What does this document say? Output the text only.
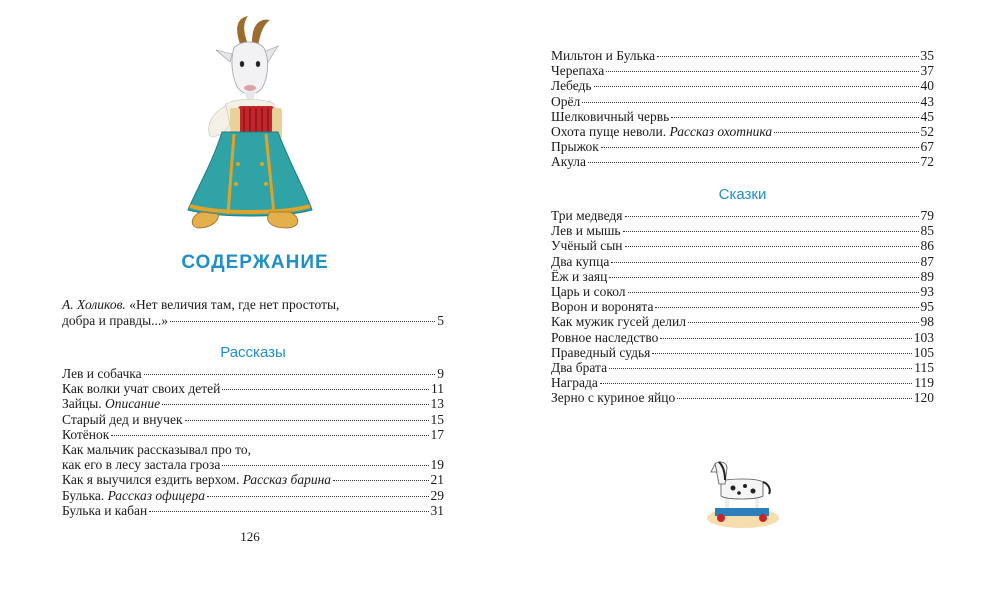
СОДЕРЖАНИЕ
А. Холиков. «Нет величия там, где нет простоты,
добра и правды...»	5
Рассказы
Лев и собачка	9
Как волки учат своих детей	11
Зайцы. Описание	13
Старый дед и внучек	15
Котёнок	17
Как мальчик рассказывал про то,
как его в лесу застала гроза	19
Как я выучился ездить верхом. Рассказ барина	21
Булька. Рассказ офицера	29
Булька и кабан	31
126
Мильтон и Булька	35
Черепаха	37
Лебедь	40
Орёл	43
Шелковичный червь	45
Охота пуще неволи. Рассказ охотника	52
Прыжок	67
Акула	72
Сказки
Три медведя	79
Лев и мышь	85
Учёный сын	86
Два купца	87
Ёж и заяц	89
Царь и сокол	93
Ворон и воронята	95
Как мужик гусей делил	98
Ровное наследство	103
Праведный судья	105
Два брата	115
Награда	119
Зерно с куриное яйцо	120
